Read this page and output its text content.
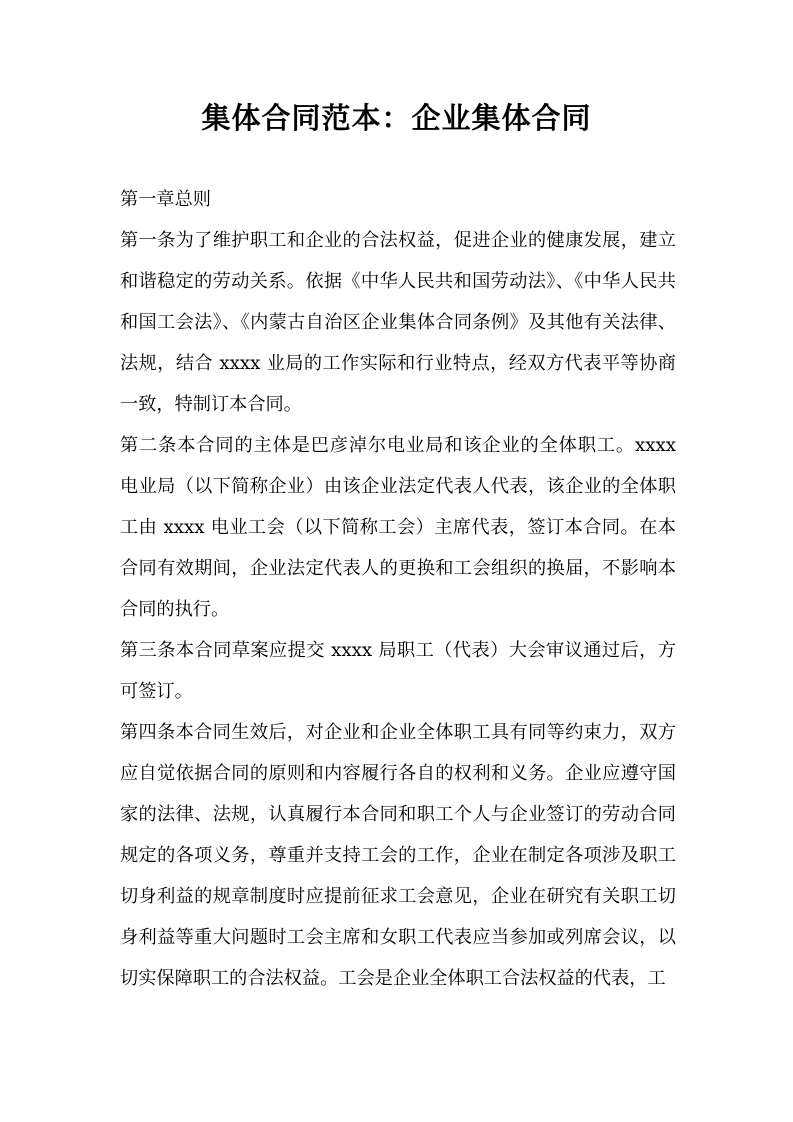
集体合同范本：企业集体合同

第一章总则

第一条为了维护职工和企业的合法权益，促进企业的健康发展，建立和谐稳定的劳动关系。依据《中华人民共和国劳动法》、《中华人民共和国工会法》、《内蒙古自治区企业集体合同条例》及其他有关法律、法规，结合 xxxx 业局的工作实际和行业特点，经双方代表平等协商一致，特制订本合同。

第二条本合同的主体是巴彦淖尔电业局和该企业的全体职工。xxxx 电业局（以下简称企业）由该企业法定代表人代表，该企业的全体职工由 xxxx 电业工会（以下简称工会）主席代表，签订本合同。在本合同有效期间，企业法定代表人的更换和工会组织的换届，不影响本合同的执行。

第三条本合同草案应提交 xxxx 局职工（代表）大会审议通过后，方可签订。

第四条本合同生效后，对企业和企业全体职工具有同等约束力，双方应自觉依据合同的原则和内容履行各自的权利和义务。企业应遵守国家的法律、法规，认真履行本合同和职工个人与企业签订的劳动合同规定的各项义务，尊重并支持工会的工作，企业在制定各项涉及职工切身利益的规章制度时应提前征求工会意见，企业在研究有关职工切身利益等重大问题时工会主席和女职工代表应当参加或列席会议，以切实保障职工的合法权益。工会是企业全体职工合法权益的代表，工
